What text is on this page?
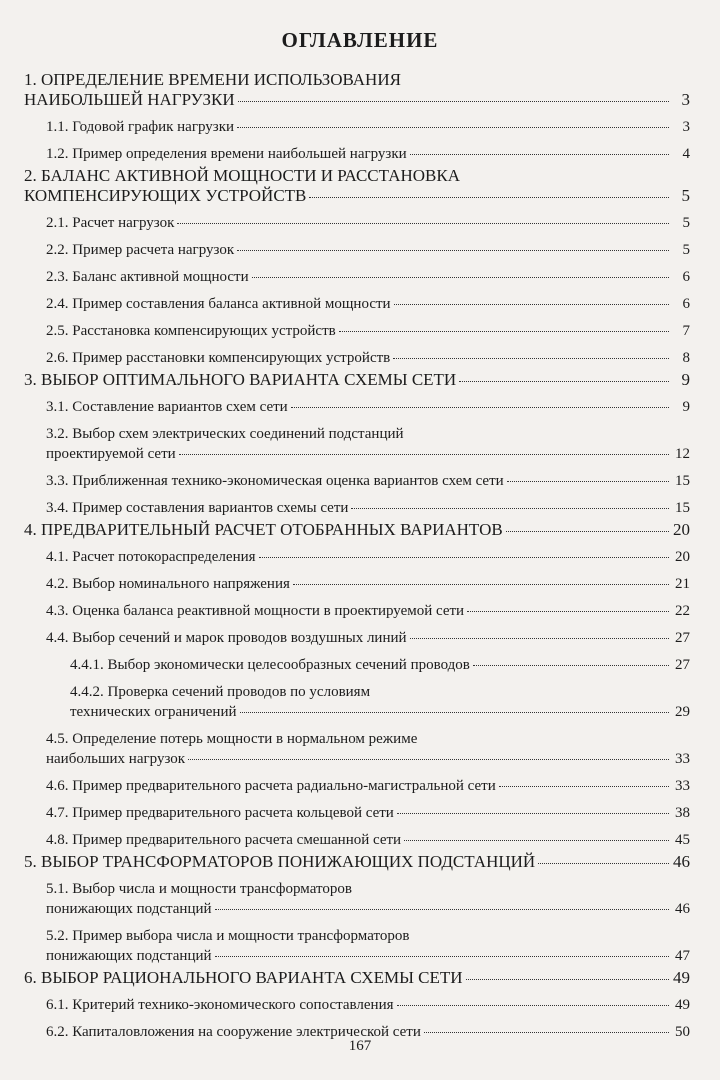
ОГЛАВЛЕНИЕ
1. ОПРЕДЕЛЕНИЕ ВРЕМЕНИ ИСПОЛЬЗОВАНИЯ
НАИБОЛЬШЕЙ НАГРУЗКИ	3
1.1. Годовой график нагрузки	3
1.2. Пример определения времени наибольшей нагрузки	4
2. БАЛАНС АКТИВНОЙ МОЩНОСТИ И РАССТАНОВКА
КОМПЕНСИРУЮЩИХ УСТРОЙСТВ	5
2.1. Расчет нагрузок	5
2.2. Пример расчета нагрузок	5
2.3. Баланс активной мощности	6
2.4. Пример составления баланса активной мощности	6
2.5. Расстановка компенсирующих устройств	7
2.6. Пример расстановки компенсирующих устройств	8
3. ВЫБОР ОПТИМАЛЬНОГО ВАРИАНТА СХЕМЫ СЕТИ	9
3.1. Составление вариантов схем сети	9
3.2. Выбор схем электрических соединений подстанций
проектируемой сети	12
3.3. Приближенная технико-экономическая оценка вариантов схем сети	15
3.4. Пример составления вариантов схемы сети	15
4. ПРЕДВАРИТЕЛЬНЫЙ РАСЧЕТ ОТОБРАННЫХ ВАРИАНТОВ	20
4.1. Расчет потокораспределения	20
4.2. Выбор номинального напряжения	21
4.3. Оценка баланса реактивной мощности в проектируемой сети	22
4.4. Выбор сечений и марок проводов воздушных линий	27
4.4.1. Выбор экономически целесообразных сечений проводов	27
4.4.2. Проверка сечений проводов по условиям
технических ограничений	29
4.5. Определение потерь мощности в нормальном режиме
наибольших нагрузок	33
4.6. Пример предварительного расчета радиально-магистральной сети	33
4.7. Пример предварительного расчета кольцевой сети	38
4.8. Пример предварительного расчета смешанной сети	45
5. ВЫБОР ТРАНСФОРМАТОРОВ ПОНИЖАЮЩИХ ПОДСТАНЦИЙ	46
5.1. Выбор числа и мощности трансформаторов
понижающих подстанций	46
5.2. Пример выбора числа и мощности трансформаторов
понижающих подстанций	47
6. ВЫБОР РАЦИОНАЛЬНОГО ВАРИАНТА СХЕМЫ СЕТИ	49
6.1. Критерий технико-экономического сопоставления	49
6.2. Капиталовложения на сооружение электрической сети	50
167
